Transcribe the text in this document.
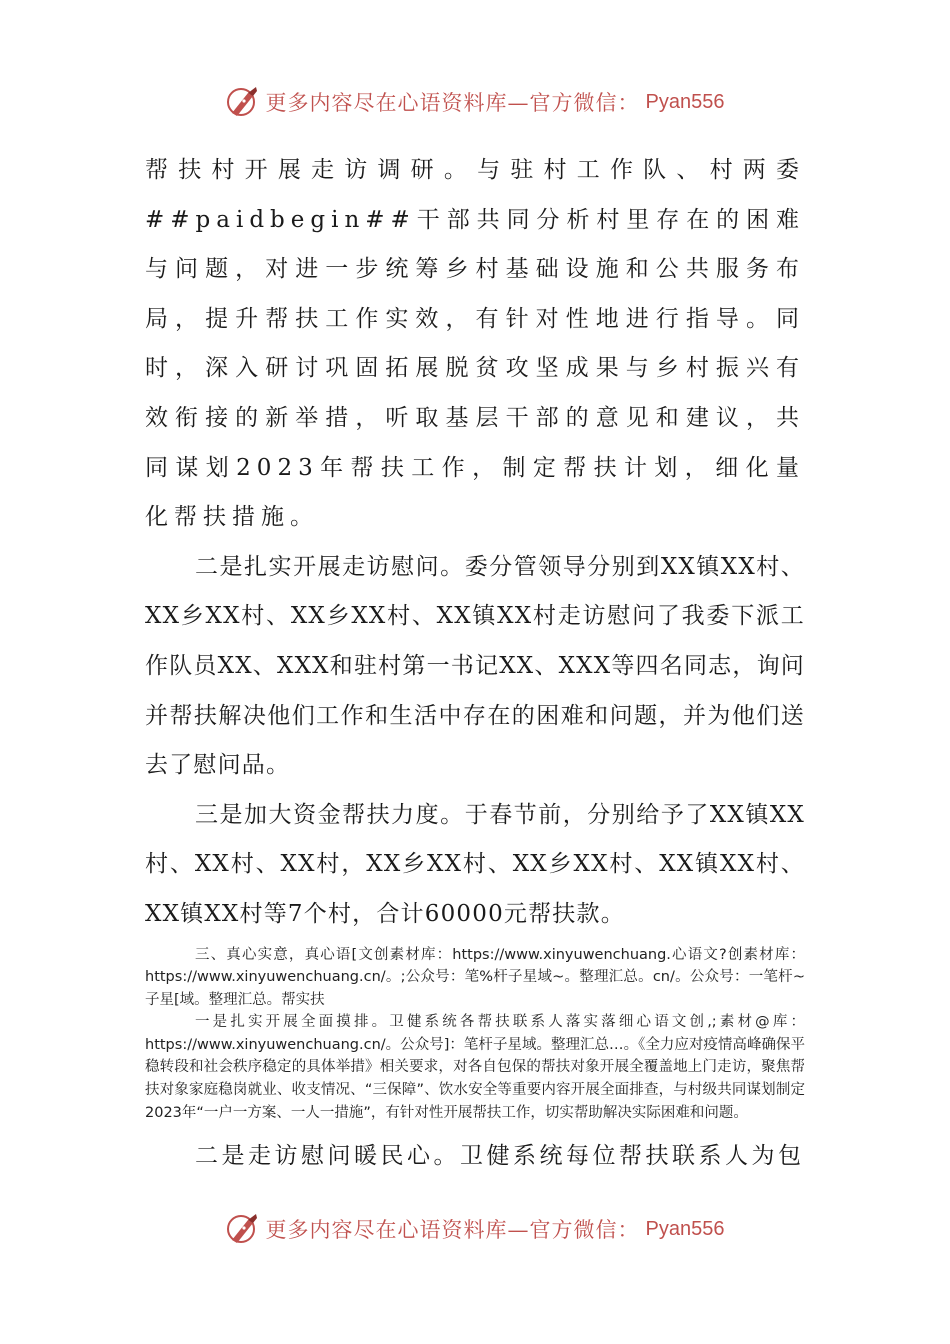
更多内容尽在心语资料库—官方微信： Pyan556

帮扶村开展走访调研。与驻村工作队、村两委##paidbegin##干部共同分析村里存在的困难与问题，对进一步统筹乡村基础设施和公共服务布局，提升帮扶工作实效，有针对性地进行指导。同时，深入研讨巩固拓展脱贫攻坚成果与乡村振兴有效衔接的新举措，听取基层干部的意见和建议，共同谋划2023年帮扶工作，制定帮扶计划，细化量化帮扶措施。

二是扎实开展走访慰问。委分管领导分别到XX镇XX村、XX乡XX村、XX乡XX村、XX镇XX村走访慰问了我委下派工作队员XX、XXX和驻村第一书记XX、XXX等四名同志，询问并帮扶解决他们工作和生活中存在的困难和问题，并为他们送去了慰问品。

三是加大资金帮扶力度。于春节前，分别给予了XX镇XX村、XX村、XX村，XX乡XX村、XX乡XX村、XX镇XX村、XX镇XX村等7个村，合计60000元帮扶款。

三、真心实意，真心语[文创素材库：https://www.xinyuwenchuang.心语文?创素材库：https://www.xinyuwenchuang.cn/。;公众号：笔%杆子星域~。整理汇总。cn/。公众号：一笔杆~子星[域。整理汇总。帮实扶

一是扎实开展全面摸排。卫健系统各帮扶联系人落实落细心语文创,;素材@库：https://www.xinyuwenchuang.cn/。公众号]：笔杆子星域。整理汇总…。《全力应对疫情高峰确保平稳转段和社会秩序稳定的具体举措》相关要求，对各自包保的帮扶对象开展全覆盖地上门走访，聚焦帮扶对象家庭稳岗就业、收支情况、“三保障”、饮水安全等重要内容开展全面排查，与村级共同谋划制定2023年“一户一方案、一人一措施”，有针对性开展帮扶工作，切实帮助解决实际困难和问题。

二是走访慰问暖民心。卫健系统每位帮扶联系人为包

更多内容尽在心语资料库—官方微信： Pyan556
